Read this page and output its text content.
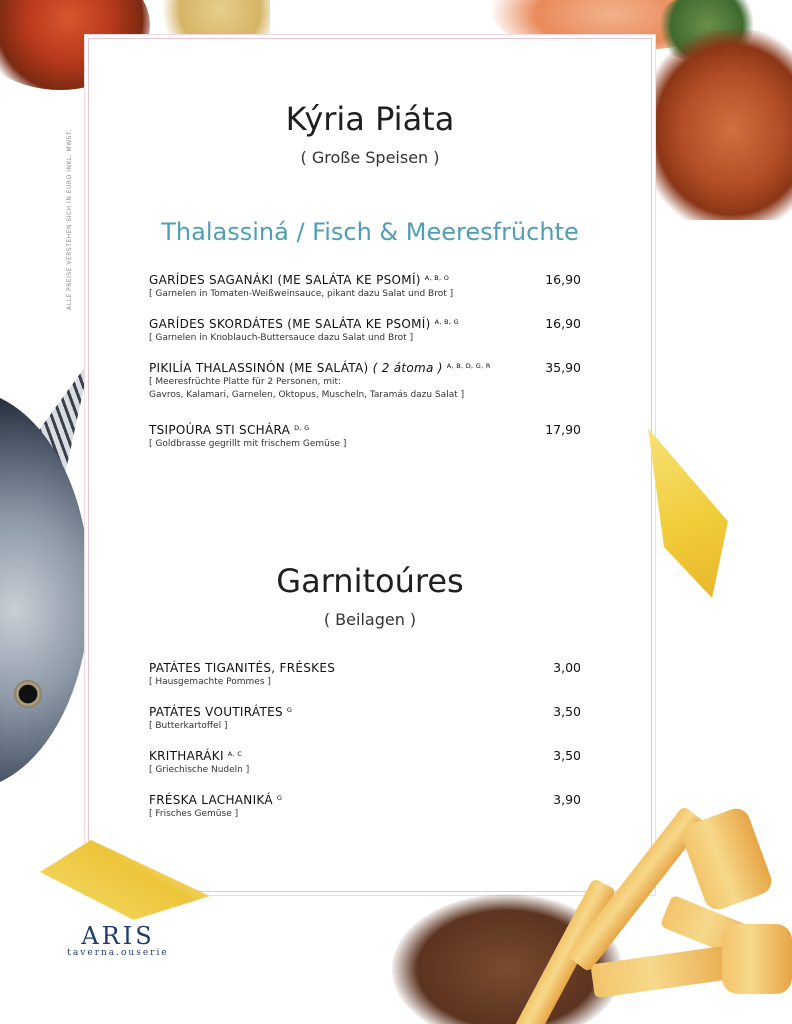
ALLE PREISE VERSTEHEN SICH IN EURO INKL. MWST.
Kýria Piáta
( Große Speisen )
Thalassiná / Fisch & Meeresfrüchte
GARÍDES SAGANÁKI (ME SALÁTA KE PSOMÍ) $^{A, B, O}$
[ Garnelen in Tomaten-Weißweinsauce, pikant dazu Salat und Brot ]
16,90
GARÍDES SKORDÁTES (ME SALÁTA KE PSOMÍ) $^{A, B, G}$
[ Garnelen in Knoblauch-Buttersauce dazu Salat und Brot ]
16,90
PIKILÍA THALASSINÓN (ME SALÁTA) ( 2 átoma ) $^{A, B, D, G, R}$
[ Meeresfrüchte Platte für 2 Personen, mit:
Gavros, Kalamari, Garnelen, Oktopus, Muscheln, Taramás dazu Salat ]
35,90
TSIPOÚRA STI SCHÁRA $^{D, G}$
[ Goldbrasse gegrillt mit frischem Gemüse ]
17,90
Garnitoúres
( Beilagen )
PATÁTES TIGANITÉS, FRÉSKES
[ Hausgemachte Pommes ]
3,00
PATÁTES VOUTIRÁTES $^G$
[ Butterkartoffel ]
3,50
KRITHARÁKI $^{A, C}$
[ Griechische Nudeln ]
3,50
FRÉSKA LACHANIKÁ $^G$
[ Frisches Gemüse ]
3,90
ARIS
taverna.ouserie
